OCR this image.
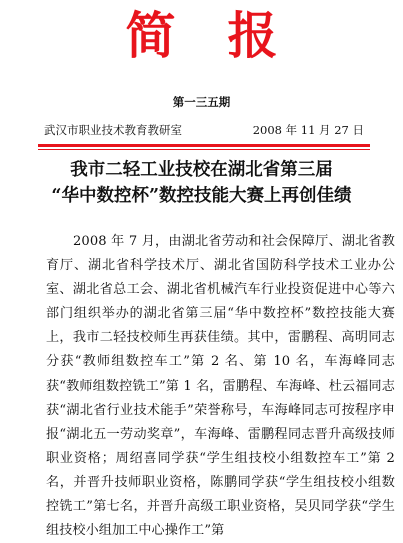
简报
第一三五期
武汉市职业技术教育教研室	2008 年 11 月 27 日
我市二轻工业技校在湖北省第三届
“华中数控杯”数控技能大赛上再创佳绩

2008 年 7 月，由湖北省劳动和社会保障厅、湖北省教育厅、湖北省科学技术厅、湖北省国防科学技术工业办公室、湖北省总工会、湖北省机械汽车行业投资促进中心等六部门组织举办的湖北省第三届“华中数控杯”数控技能大赛上，我市二轻技校师生再获佳绩。其中，雷鹏程、高明同志分获“教师组数控车工”第 2 名、第 10 名，车海峰同志获“教师组数控铣工”第 1 名，雷鹏程、车海峰、杜云福同志获“湖北省行业技术能手”荣誉称号，车海峰同志可按程序申报“湖北五一劳动奖章”，车海峰、雷鹏程同志晋升高级技师职业资格；周绍喜同学获“学生组技校小组数控车工”第 2 名，并晋升技师职业资格，陈鹏同学获“学生组技校小组数控铣工”第七名，并晋升高级工职业资格，吴贝同学获“学生组技校小组加工中心操作工”第
